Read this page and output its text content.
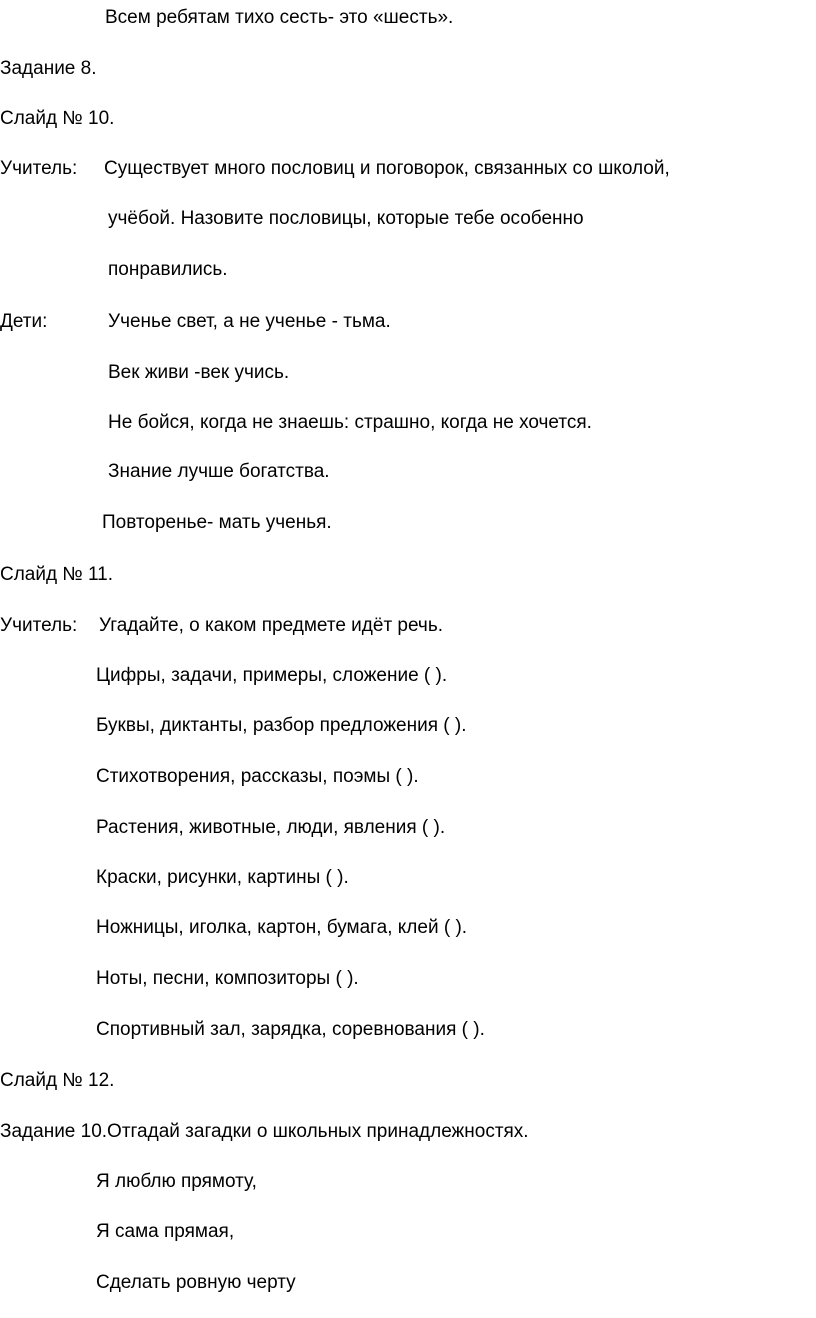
Всем ребятам тихо сесть- это «шесть».
Задание 8.
Слайд № 10.
Учитель: Существует много пословиц и поговорок, связанных со школой,
учёбой. Назовите пословицы, которые тебе особенно
понравились.
Дети:	Ученье свет, а не ученье - тьма.
Век живи -век учись.
Не бойся, когда не знаешь: страшно, когда не хочется.
Знание лучше богатства.
Повторенье- мать ученья.
Слайд № 11.
Учитель: Угадайте, о каком предмете идёт речь.
Цифры, задачи, примеры, сложение ( ).
Буквы, диктанты, разбор предложения ( ).
Стихотворения, рассказы, поэмы ( ).
Растения, животные, люди, явления ( ).
Краски, рисунки, картины ( ).
Ножницы, иголка, картон, бумага, клей ( ).
Ноты, песни, композиторы ( ).
Спортивный зал, зарядка, соревнования ( ).
Слайд № 12.
Задание 10.Отгадай загадки о школьных принадлежностях.
Я люблю прямоту,
Я сама прямая,
Сделать ровную черту
